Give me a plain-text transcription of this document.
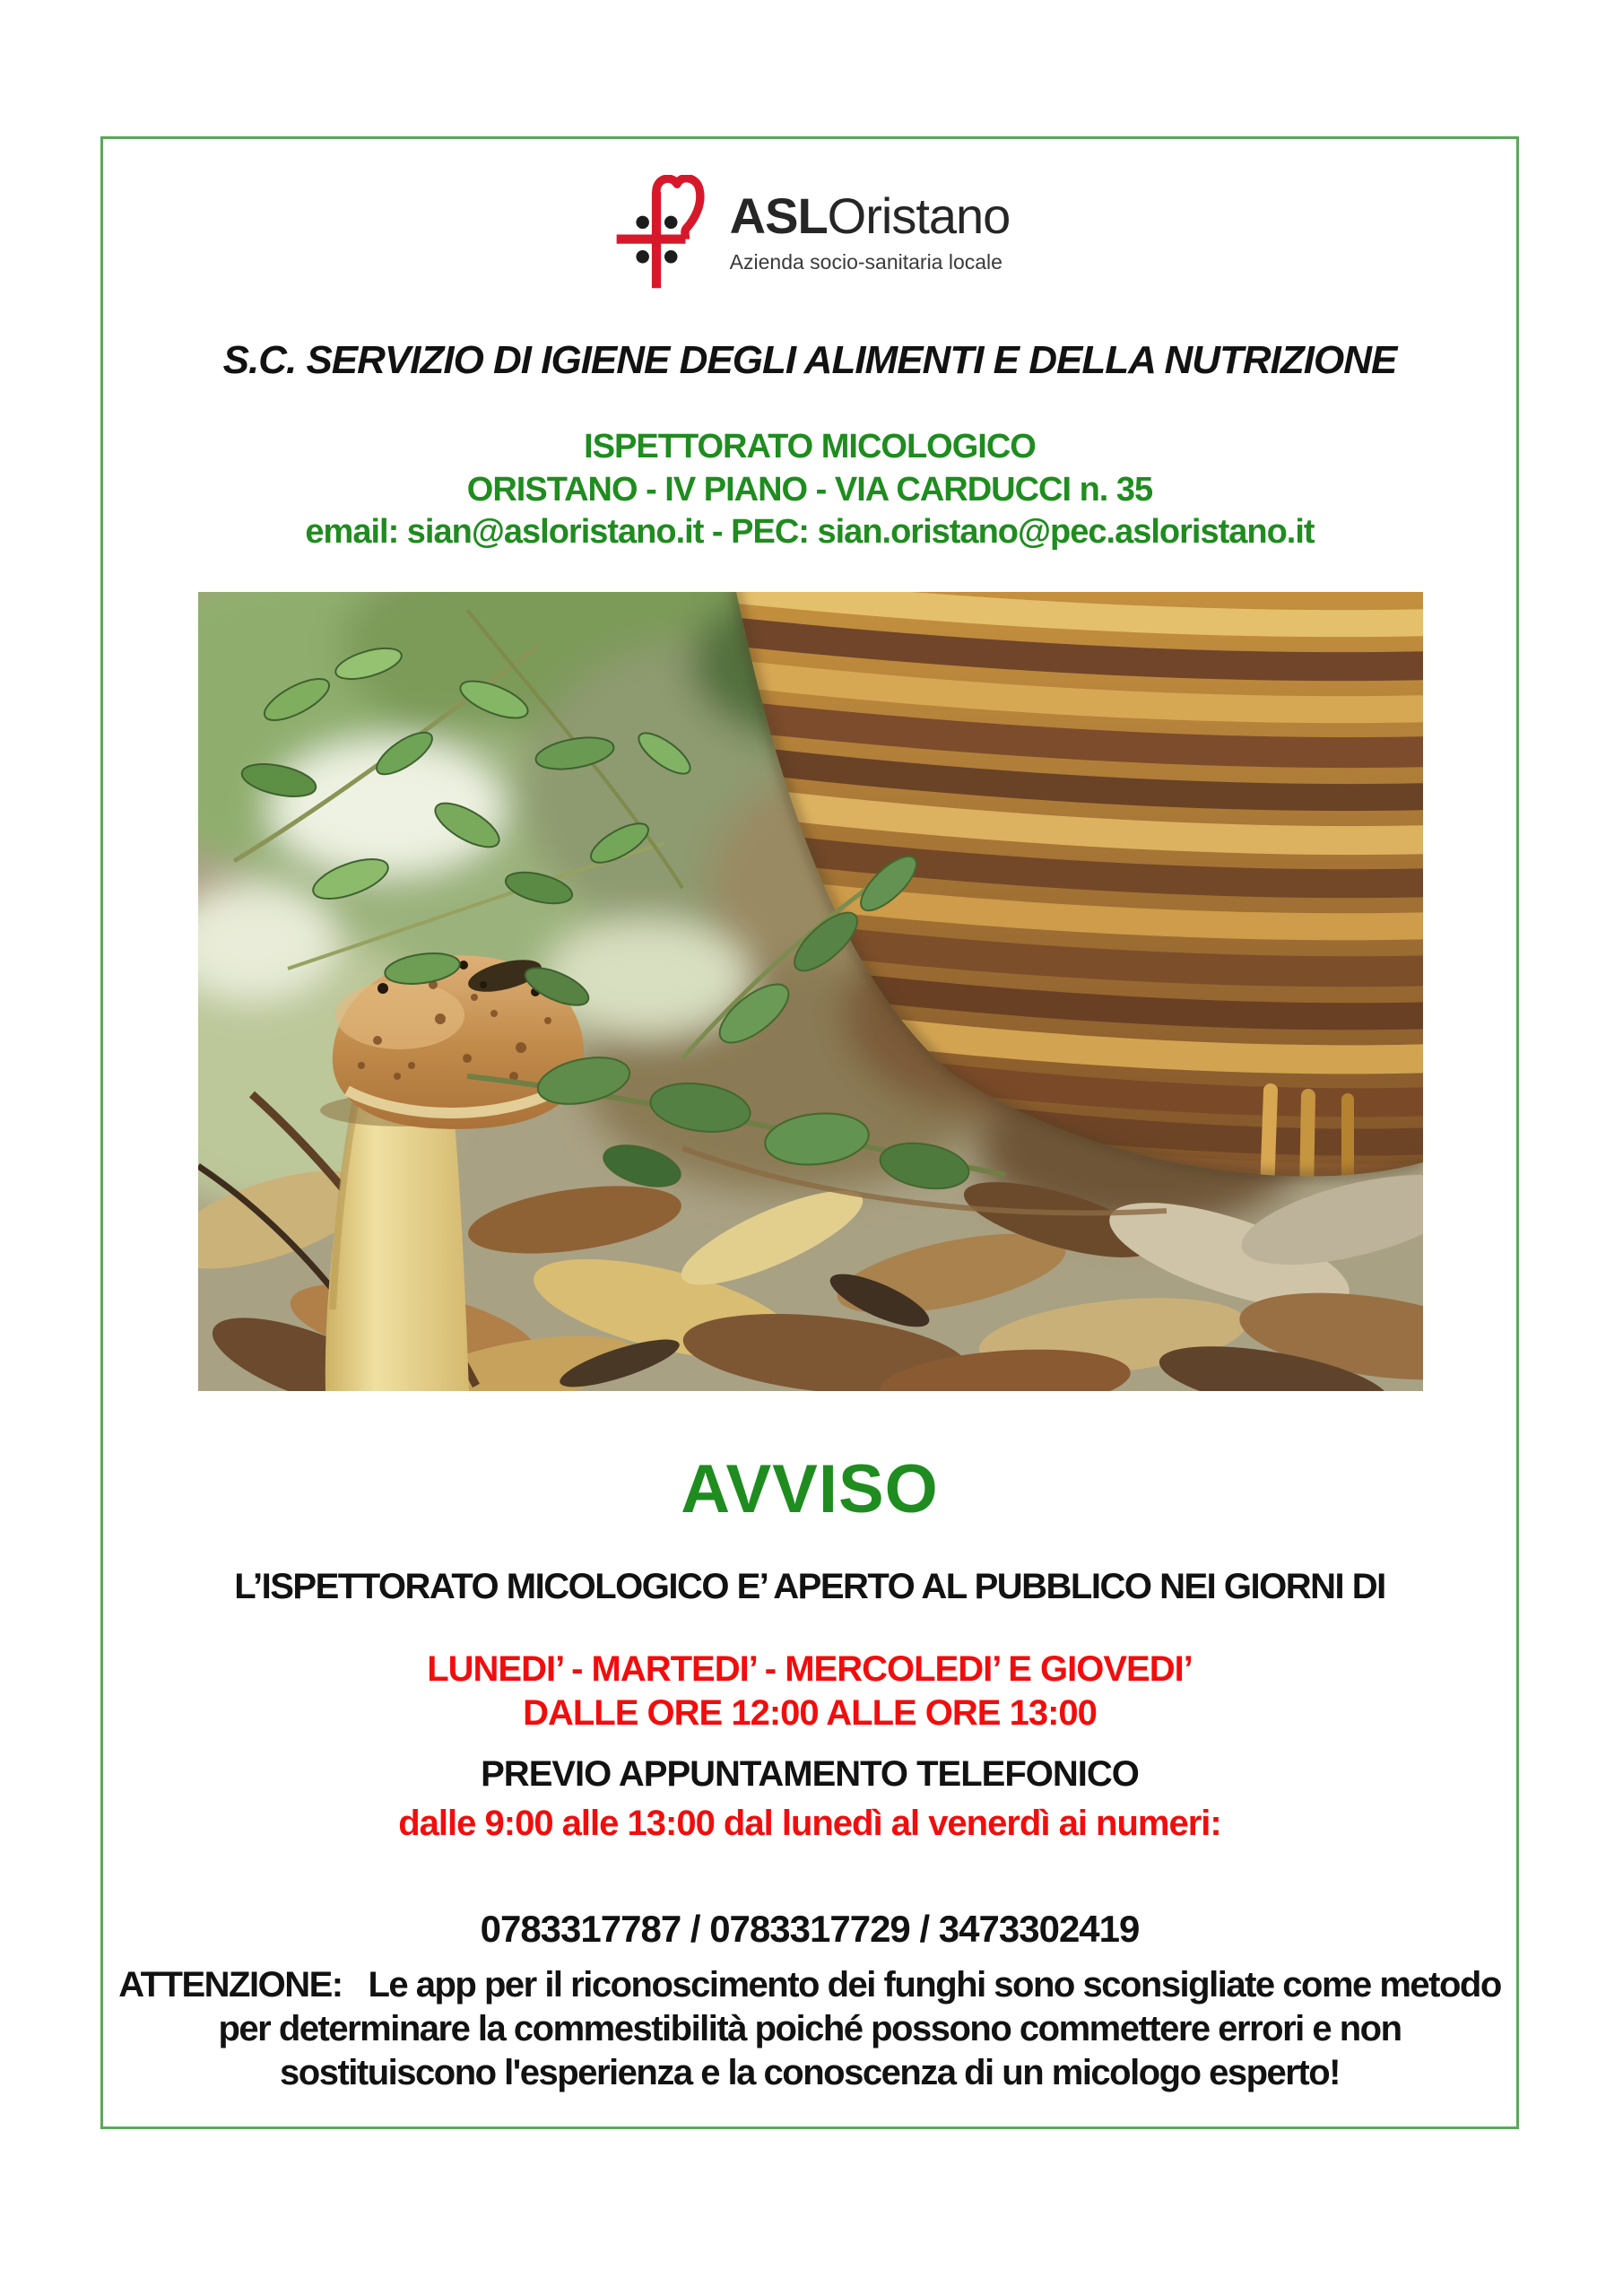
ASLOristano
Azienda socio-sanitaria locale
S.C. SERVIZIO DI IGIENE DEGLI ALIMENTI E DELLA NUTRIZIONE
ISPETTORATO MICOLOGICO
ORISTANO - IV PIANO - VIA CARDUCCI n. 35
email: sian@asloristano.it - PEC: sian.oristano@pec.asloristano.it
AVVISO
L’ISPETTORATO MICOLOGICO E’ APERTO AL PUBBLICO NEI GIORNI DI
LUNEDI’ - MARTEDI’ - MERCOLEDI’ E GIOVEDI’
DALLE ORE 12:00 ALLE ORE 13:00
PREVIO APPUNTAMENTO TELEFONICO
dalle 9:00 alle 13:00 dal lunedì al venerdì ai numeri:
0783317787 / 0783317729 / 3473302419
ATTENZIONE:   Le app per il riconoscimento dei funghi sono sconsigliate come metodo per determinare la commestibilità poiché possono commettere errori e non sostituiscono l'esperienza e la conoscenza di un micologo esperto!
